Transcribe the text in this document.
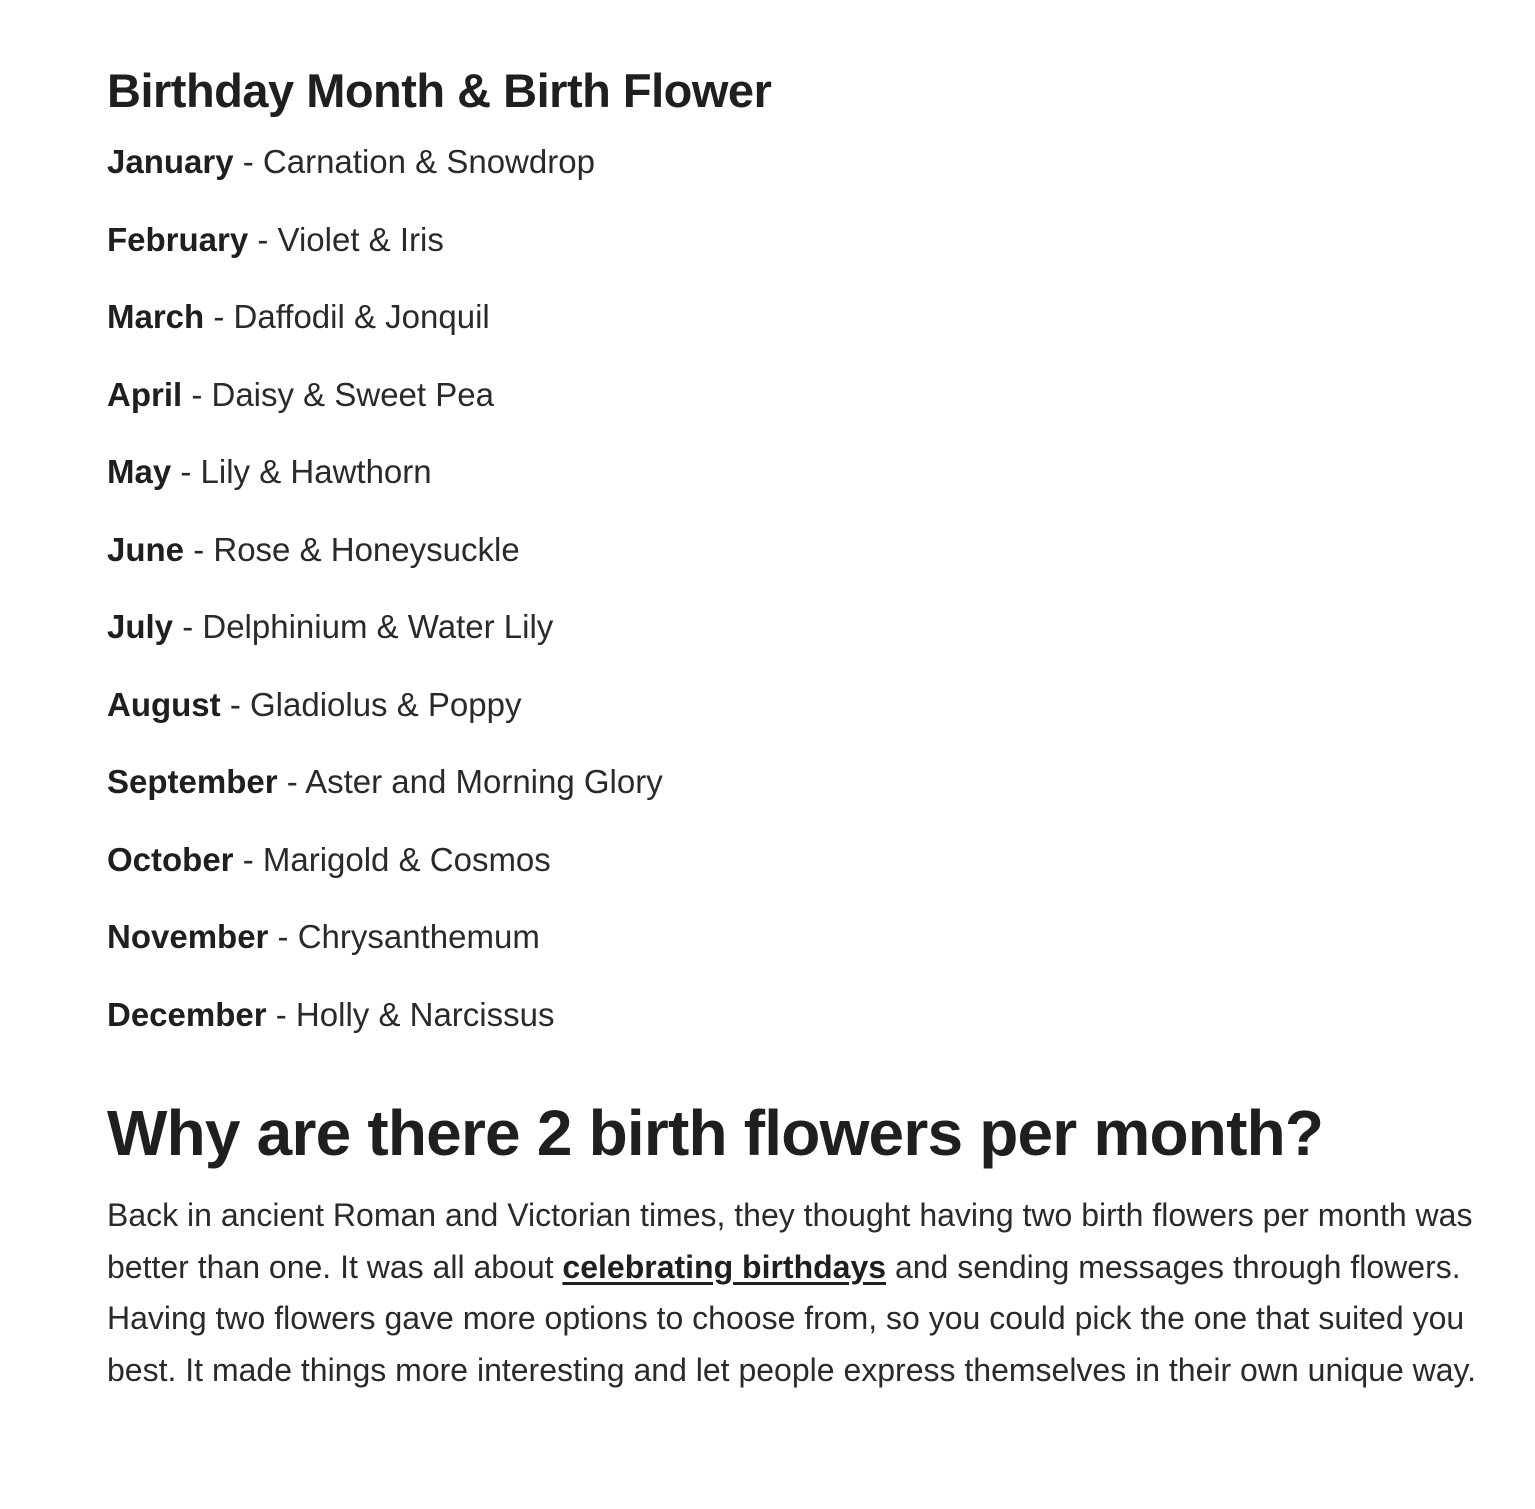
Birthday Month & Birth Flower
January - Carnation & Snowdrop
February - Violet & Iris
March - Daffodil & Jonquil
April - Daisy & Sweet Pea
May - Lily & Hawthorn
June - Rose & Honeysuckle
July - Delphinium & Water Lily
August - Gladiolus & Poppy
September - Aster and Morning Glory
October - Marigold & Cosmos
November - Chrysanthemum
December - Holly & Narcissus
Why are there 2 birth flowers per month?

Back in ancient Roman and Victorian times, they thought having two birth flowers per month was better than one. It was all about celebrating birthdays and sending messages through flowers. Having two flowers gave more options to choose from, so you could pick the one that suited you best. It made things more interesting and let people express themselves in their own unique way.
